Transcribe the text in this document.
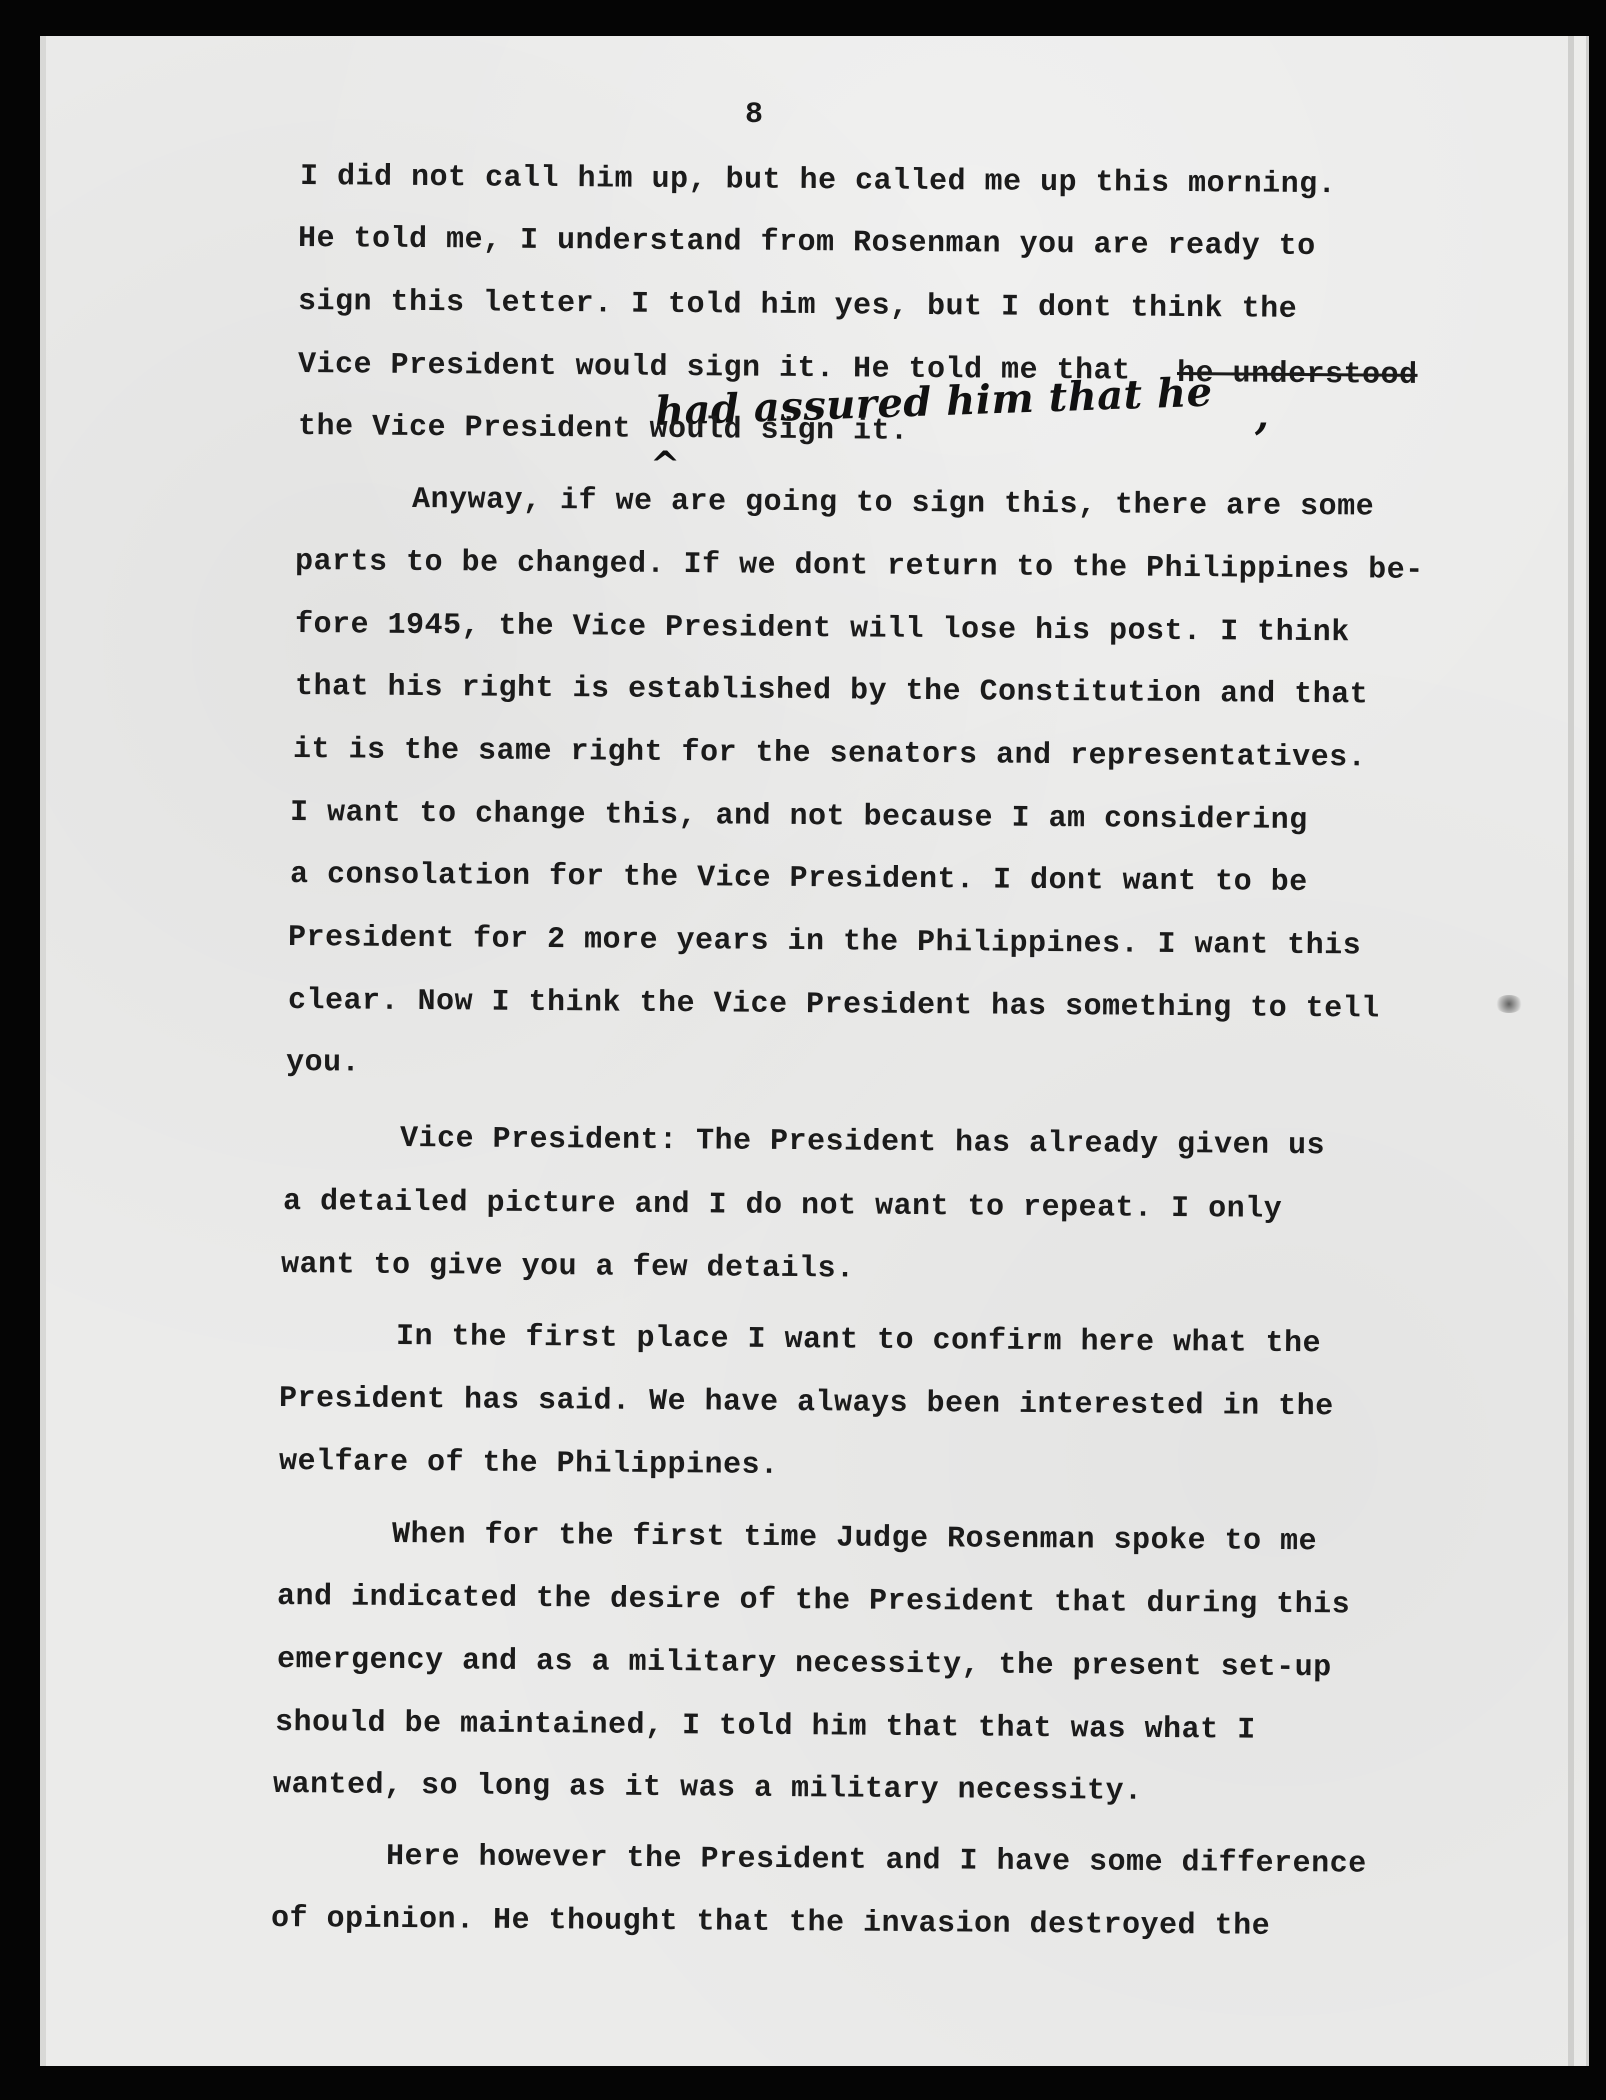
8
I did not call him up, but he called me up this morning.
He told me, I understand from Rosenman you are ready to
sign this letter. I told him yes, but I dont think the
Vice President would sign it. He told me that he understood
had assured him that he ,
^
the Vice President would sign it.
Anyway, if we are going to sign this, there are some
parts to be changed. If we dont return to the Philippines be-
fore 1945, the Vice President will lose his post. I think
that his right is established by the Constitution and that
it is the same right for the senators and representatives.
I want to change this, and not because I am considering
a consolation for the Vice President. I dont want to be
President for 2 more years in the Philippines. I want this
clear. Now I think the Vice President has something to tell
you.
Vice President: The President has already given us
a detailed picture and I do not want to repeat. I only
want to give you a few details.
In the first place I want to confirm here what the
President has said. We have always been interested in the
welfare of the Philippines.
When for the first time Judge Rosenman spoke to me
and indicated the desire of the President that during this
emergency and as a military necessity, the present set-up
should be maintained, I told him that that was what I
wanted, so long as it was a military necessity.
Here however the President and I have some difference
of opinion. He thought that the invasion destroyed the
